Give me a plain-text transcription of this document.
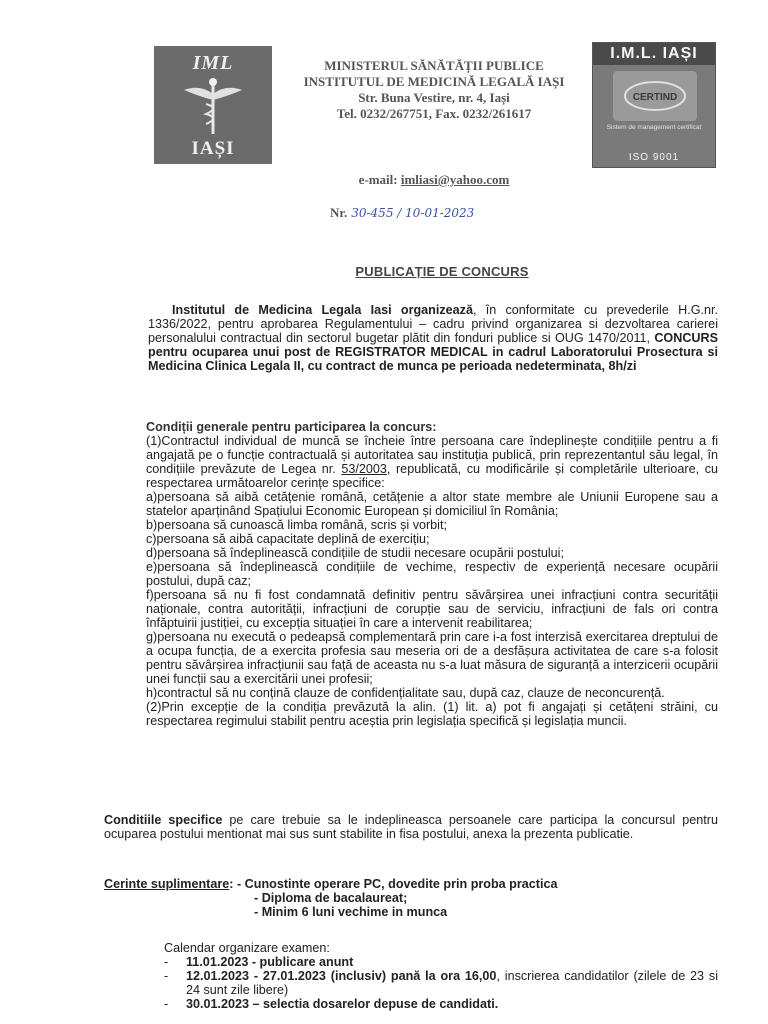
IML
IAȘI
I.M.L. IAȘI
CERTIND
Sistem de management certificat
ISO 9001
MINISTERUL SĂNĂTĂȚII PUBLICE
INSTITUTUL DE MEDICINĂ LEGALĂ IAȘI
Str. Buna Vestire, nr. 4, Iași
Tel. 0232/267751, Fax. 0232/261617
e-mail: imliasi@yahoo.com
Nr. 30-455 / 10-01-2023
PUBLICAȚIE DE CONCURS

Institutul de Medicina Legala Iasi organizează, în conformitate cu prevederile H.G.nr. 1336/2022, pentru aprobarea Regulamentului – cadru privind organizarea si dezvoltarea carierei personalului contractual din sectorul bugetar plătit din fonduri publice si OUG 1470/2011, CONCURS pentru ocuparea unui post de REGISTRATOR MEDICAL in cadrul Laboratorului Prosectura si Medicina Clinica Legala II, cu contract de munca pe perioada nedeterminata, 8h/zi

Condiții generale pentru participarea la concurs:

(1)Contractul individual de muncă se încheie între persoana care îndeplinește condițiile pentru a fi angajată pe o funcție contractuală și autoritatea sau instituția publică, prin reprezentantul său legal, în condițiile prevăzute de Legea nr. 53/2003, republicată, cu modificările și completările ulterioare, cu respectarea următoarelor cerințe specifice:

a)persoana să aibă cetățenie română, cetățenie a altor state membre ale Uniunii Europene sau a statelor aparținând Spațiului Economic European și domiciliul în România;

b)persoana să cunoască limba română, scris și vorbit;

c)persoana să aibă capacitate deplină de exercițiu;

d)persoana să îndeplinească condițiile de studii necesare ocupării postului;

e)persoana să îndeplinească condițiile de vechime, respectiv de experiență necesare ocupării postului, după caz;

f)persoana să nu fi fost condamnată definitiv pentru săvârșirea unei infracțiuni contra securității naționale, contra autorității, infracțiuni de corupție sau de serviciu, infracțiuni de fals ori contra înfăptuirii justiției, cu excepția situației în care a intervenit reabilitarea;

g)persoana nu execută o pedeapsă complementară prin care i-a fost interzisă exercitarea dreptului de a ocupa funcția, de a exercita profesia sau meseria ori de a desfășura activitatea de care s-a folosit pentru săvârșirea infracțiunii sau față de aceasta nu s-a luat măsura de siguranță a interzicerii ocupării unei funcții sau a exercitării unei profesii;

h)contractul să nu conțină clauze de confidențialitate sau, după caz, clauze de neconcurență.

(2)Prin excepție de la condiția prevăzută la alin. (1) lit. a) pot fi angajați și cetățeni străini, cu respectarea regimului stabilit pentru aceștia prin legislația specifică și legislația muncii.

Conditiile specifice pe care trebuie sa le indeplineasca persoanele care participa la concursul pentru ocuparea postului mentionat mai sus sunt stabilite in fisa postului, anexa la prezenta publicatie.

Cerinte suplimentare: - Cunostinte operare PC, dovedite prin proba practica
- Diploma de bacalaureat;
- Minim 6 luni vechime in munca

Calendar organizare examen:

-	11.01.2023 - publicare anunt
-	12.01.2023 - 27.01.2023 (inclusiv) pană la ora 16,00, inscrierea candidatilor (zilele de 23 si 24 sunt zile libere)
-	30.01.2023 – selectia dosarelor depuse de candidati.
